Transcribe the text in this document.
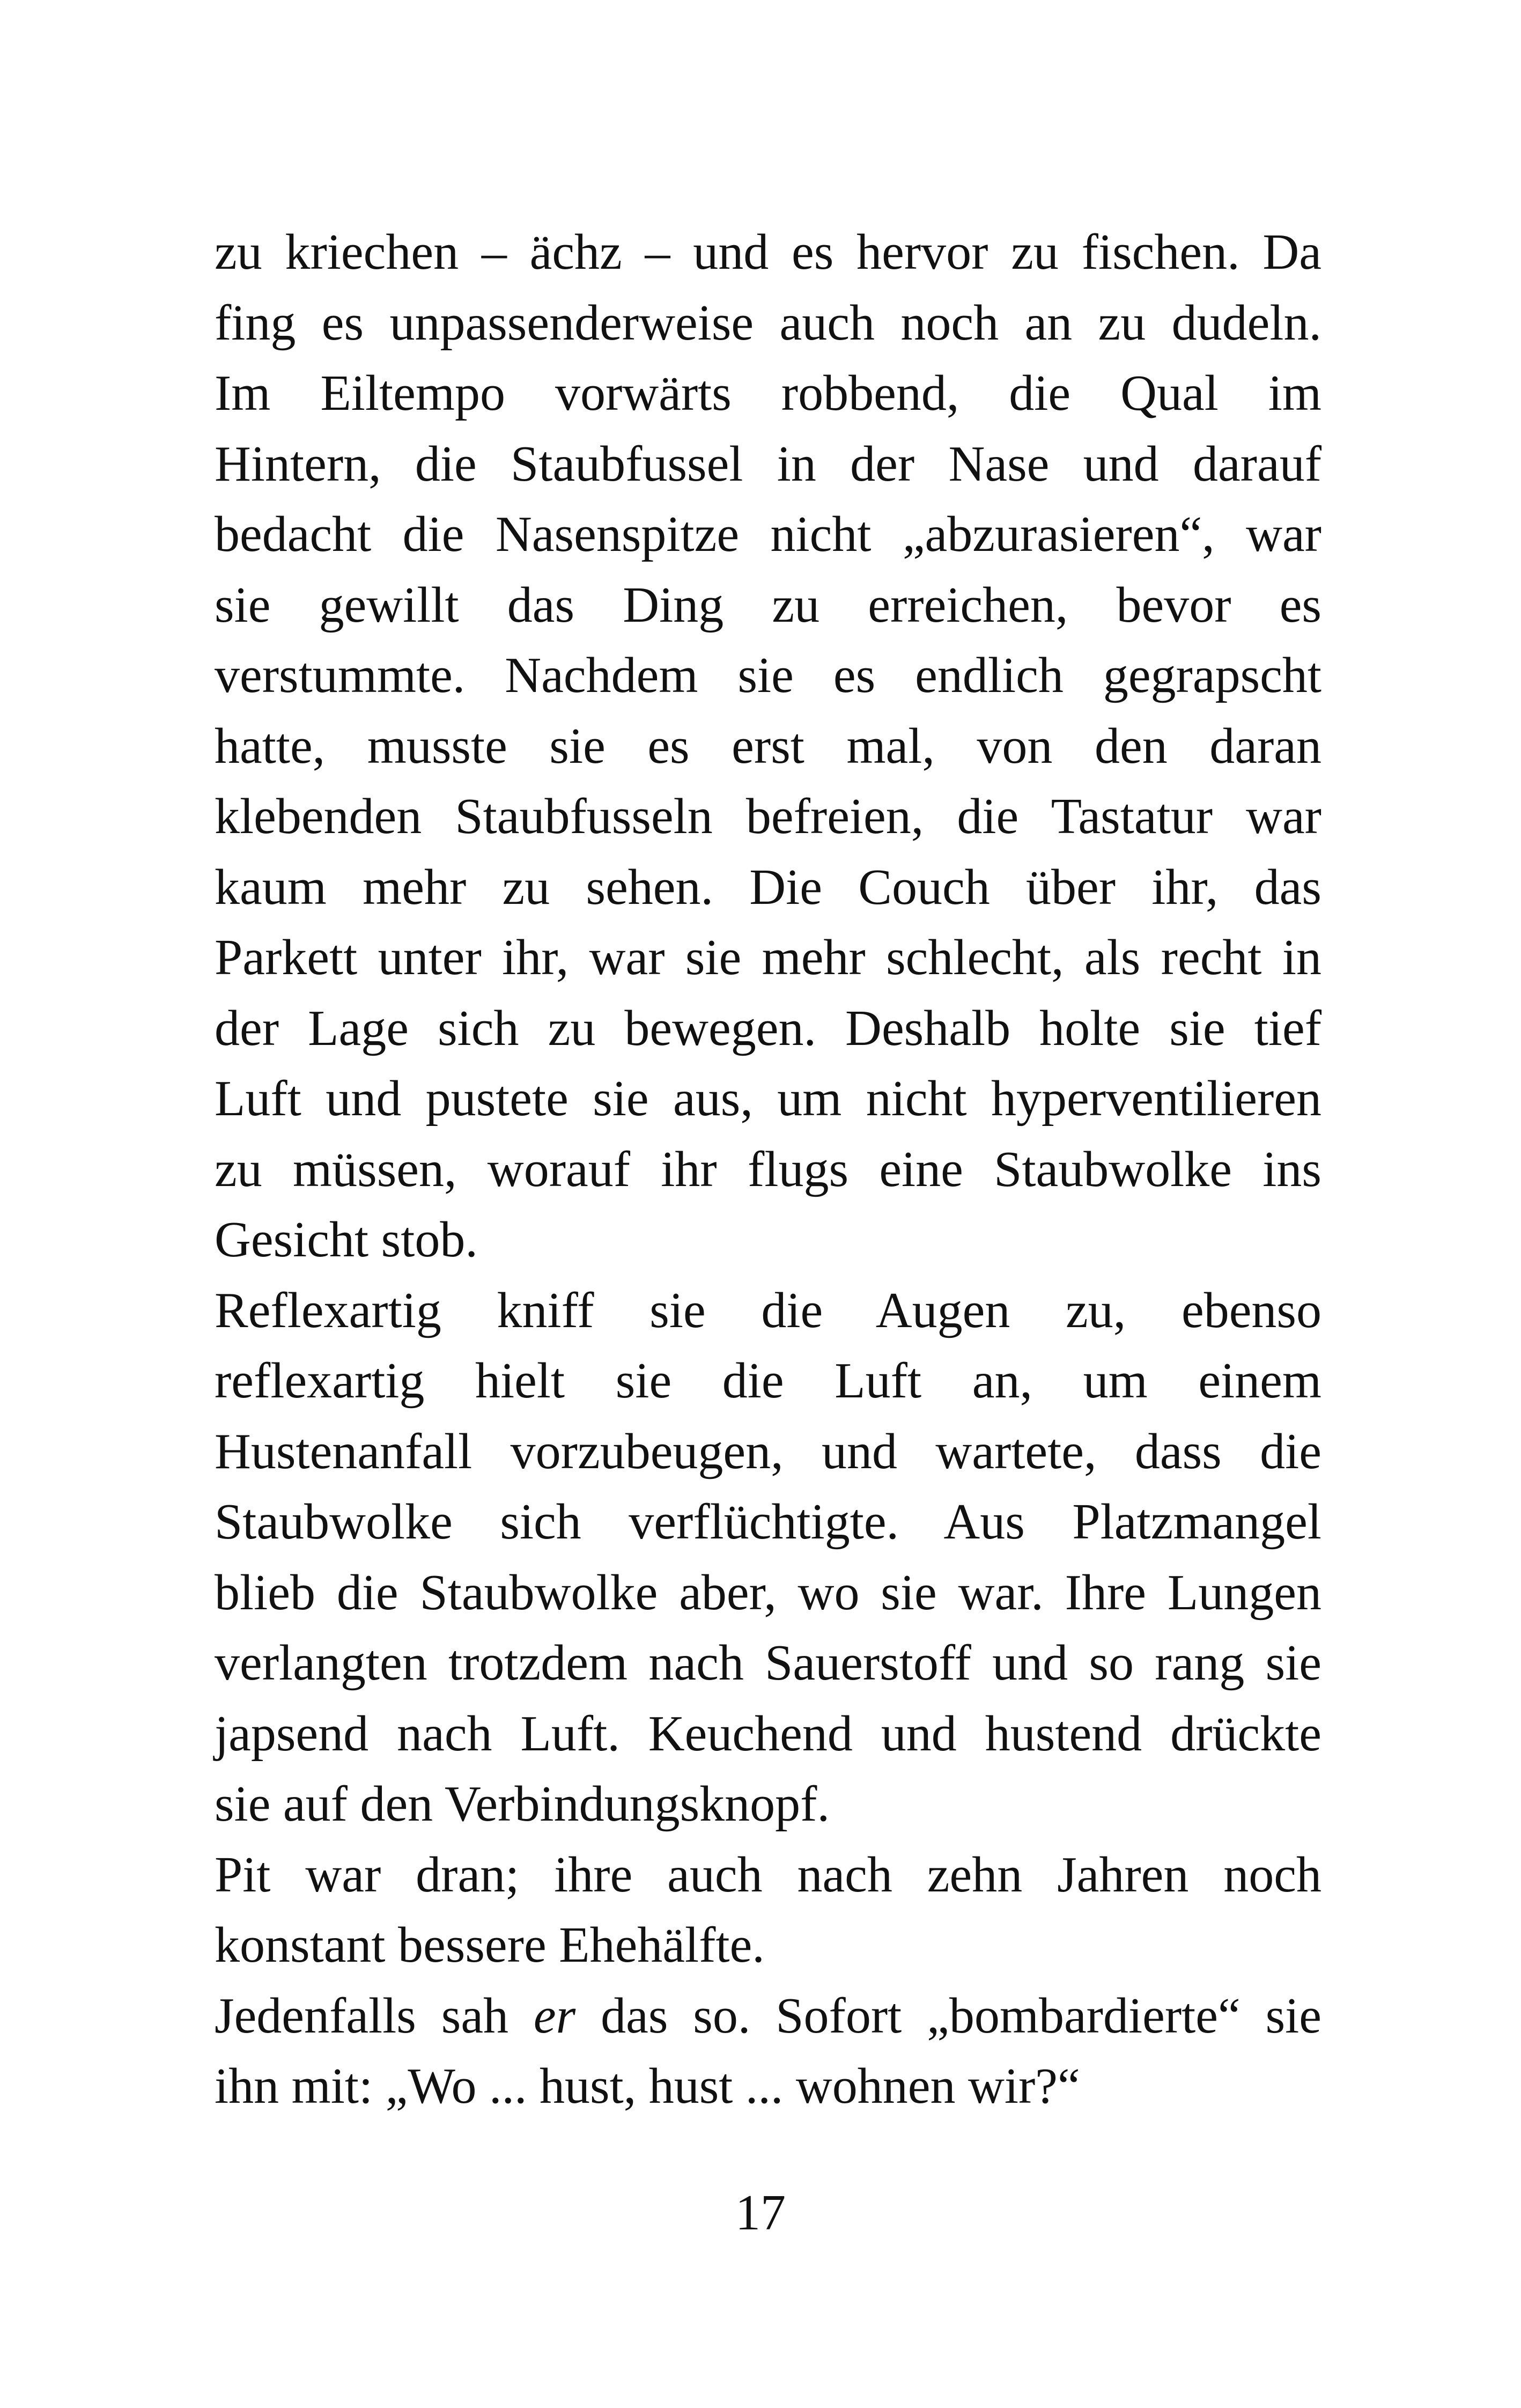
zu kriechen – ächz – und es hervor zu fischen. Da
fing es unpassenderweise auch noch an zu dudeln.
Im Eiltempo vorwärts robbend, die Qual im
Hintern, die Staubfussel in der Nase und darauf
bedacht die Nasenspitze nicht „abzurasieren“, war
sie gewillt das Ding zu erreichen, bevor es
verstummte. Nachdem sie es endlich gegrapscht
hatte, musste sie es erst mal, von den daran
klebenden Staubfusseln befreien, die Tastatur war
kaum mehr zu sehen. Die Couch über ihr, das
Parkett unter ihr, war sie mehr schlecht, als recht in
der Lage sich zu bewegen. Deshalb holte sie tief
Luft und pustete sie aus, um nicht hyperventilieren
zu müssen, worauf ihr flugs eine Staubwolke ins
Gesicht stob.
Reflexartig kniff sie die Augen zu, ebenso
reflexartig hielt sie die Luft an, um einem
Hustenanfall vorzubeugen, und wartete, dass die
Staubwolke sich verflüchtigte. Aus Platzmangel
blieb die Staubwolke aber, wo sie war. Ihre Lungen
verlangten trotzdem nach Sauerstoff und so rang sie
japsend nach Luft. Keuchend und hustend drückte
sie auf den Verbindungsknopf.
Pit war dran; ihre auch nach zehn Jahren noch
konstant bessere Ehehälfte.
Jedenfalls sah er das so. Sofort „bombardierte“ sie
ihn mit: „Wo ... hust, hust ... wohnen wir?“
17
